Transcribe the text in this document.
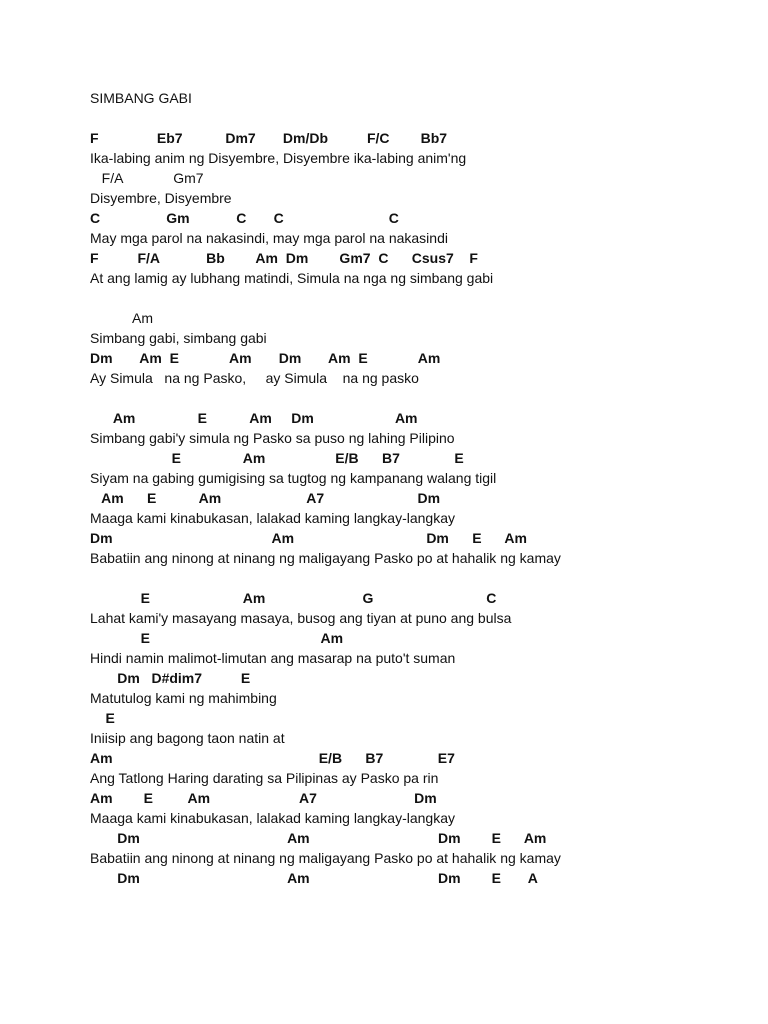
SIMBANG GABI
F               Eb7           Dm7       Dm/Db          F/C        Bb7
Ika-labing anim ng Disyembre, Disyembre ika-labing anim'ng
F/A             Gm7
Disyembre, Disyembre
C                 Gm            C       C                           C
May mga parol na nakasindi, may mga parol na nakasindi
F          F/A            Bb        Am  Dm        Gm7  C      Csus7    F
At ang lamig ay lubhang matindi, Simula na nga ng simbang gabi
Am
Simbang gabi, simbang gabi
Dm       Am  E             Am       Dm       Am  E             Am
Ay Simula   na ng Pasko,     ay Simula    na ng pasko
Am                E           Am     Dm                     Am
Simbang gabi'y simula ng Pasko sa puso ng lahing Pilipino
E                Am                  E/B      B7              E
Siyam na gabing gumigising sa tugtog ng kampanang walang tigil
Am      E           Am                      A7                        Dm
Maaga kami kinabukasan, lalakad kaming langkay-langkay
Dm                                         Am                                  Dm      E      Am
Babatiin ang ninong at ninang ng maligayang Pasko po at hahalik ng kamay
E                        Am                         G                             C
Lahat kami'y masayang masaya, busog ang tiyan at puno ang bulsa
E                                            Am
Hindi namin malimot-limutan ang masarap na puto't suman
Dm   D#dim7          E
Matutulog kami ng mahimbing
E
Iniisip ang bagong taon natin at
Am                                                     E/B      B7              E7
Ang Tatlong Haring darating sa Pilipinas ay Pasko pa rin
Am        E         Am                       A7                         Dm
Maaga kami kinabukasan, lalakad kaming langkay-langkay
Dm                                      Am                                 Dm        E      Am
Babatiin ang ninong at ninang ng maligayang Pasko po at hahalik ng kamay
Dm                                      Am                                 Dm        E       A
